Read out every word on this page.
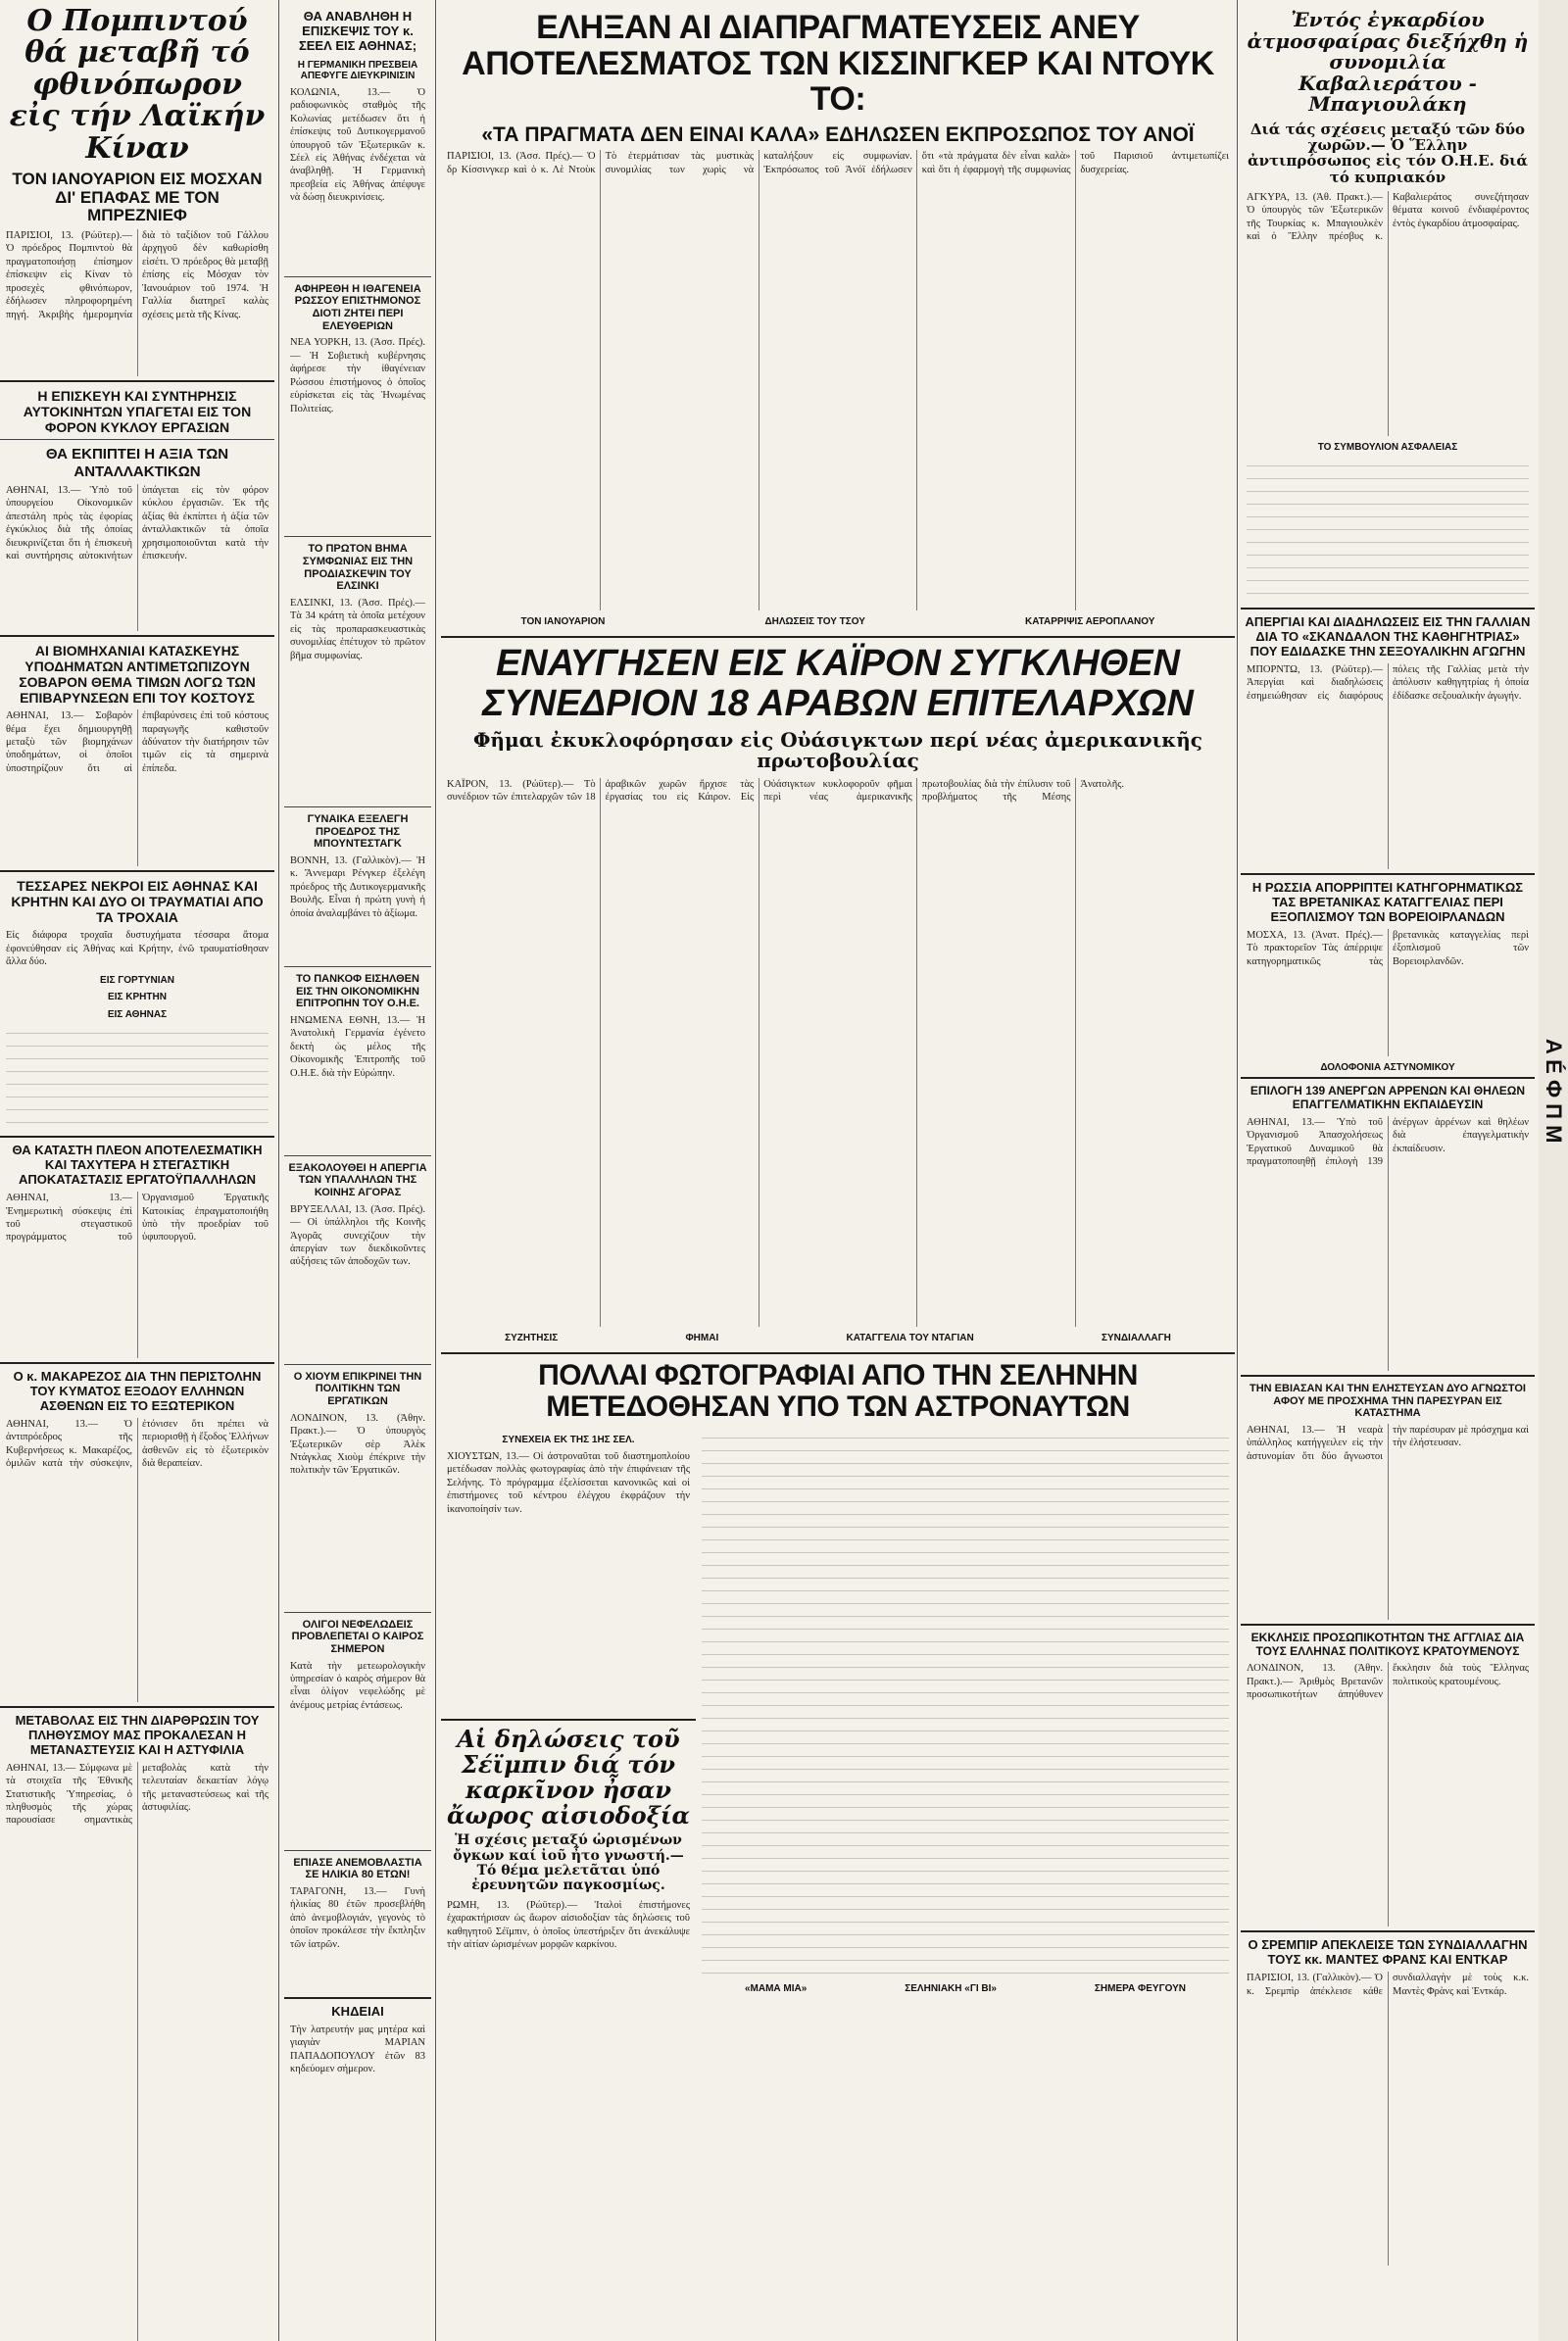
Ο Πομπιντού θά μεταβῆ τό φθινόπωρον εἰς τήν Λαϊκήν Κίναν
ΤΟΝ ΙΑΝΟΥΑΡΙΟΝ ΕΙΣ ΜΟΣΧΑΝ ΔΙ' ΕΠΑΦΑΣ ΜΕ ΤΟΝ ΜΠΡΕΖΝΙΕΦ
ΠΑΡΙΣΙΟΙ, 13. (Ρώϋτερ).— Ὁ πρόεδρος Πομπιντοὺ θὰ πραγματοποιήσῃ ἐπίσημον ἐπίσκεψιν εἰς Κίναν τὸ προσεχὲς φθινόπωρον, ἐδήλωσεν πληροφορημένη πηγή. Ἀκριβὴς ἡμερομηνία διὰ τὸ ταξίδιον τοῦ Γάλλου ἀρχηγοῦ δὲν καθωρίσθη εἰσέτι. Ὁ πρόεδρος θὰ μεταβῇ ἐπίσης εἰς Μόσχαν τὸν Ἰανουάριον τοῦ 1974. Ἡ Γαλλία διατηρεῖ καλὰς σχέσεις μετὰ τῆς Κίνας.
Η ΕΠΙΣΚΕΥΗ ΚΑΙ ΣΥΝΤΗΡΗΣΙΣ ΑΥΤΟΚΙΝΗΤΩΝ ΥΠΑΓΕΤΑΙ ΕΙΣ ΤΟΝ ΦΟΡΟΝ ΚΥΚΛΟΥ ΕΡΓΑΣΙΩΝ
ΘΑ ΕΚΠΙΠΤΕΙ Η ΑΞΙΑ ΤΩΝ ΑΝΤΑΛΛΑΚΤΙΚΩΝ
ΑΘΗΝΑΙ, 13.— Ὑπὸ τοῦ ὑπουργείου Οἰκονομικῶν ἀπεστάλη πρὸς τὰς ἐφορίας ἐγκύκλιος διὰ τῆς ὁποίας διευκρινίζεται ὅτι ἡ ἐπισκευὴ καὶ συντήρησις αὐτοκινήτων ὑπάγεται εἰς τὸν φόρον κύκλου ἐργασιῶν. Ἐκ τῆς ἀξίας θὰ ἐκπίπτει ἡ ἀξία τῶν ἀνταλλακτικῶν τὰ ὁποῖα χρησιμοποιοῦνται κατὰ τὴν ἐπισκευήν.
ΑΙ ΒΙΟΜΗΧΑΝΙΑΙ ΚΑΤΑΣΚΕΥΗΣ ΥΠΟΔΗΜΑΤΩΝ ΑΝΤΙΜΕΤΩΠΙΖΟΥΝ ΣΟΒΑΡΟΝ ΘΕΜΑ ΤΙΜΩΝ ΛΟΓΩ ΤΩΝ ΕΠΙΒΑΡΥΝΣΕΩΝ ΕΠΙ ΤΟΥ ΚΟΣΤΟΥΣ
ΑΘΗΝΑΙ, 13.— Σοβαρὸν θέμα ἔχει δημιουργηθῇ μεταξὺ τῶν βιομηχάνων ὑποδημάτων, οἱ ὁποῖοι ὑποστηρίζουν ὅτι αἱ ἐπιβαρύνσεις ἐπὶ τοῦ κόστους παραγωγῆς καθιστοῦν ἀδύνατον τὴν διατήρησιν τῶν τιμῶν εἰς τὰ σημερινὰ ἐπίπεδα.
ΤΕΣΣΑΡΕΣ ΝΕΚΡΟΙ ΕΙΣ ΑΘΗΝΑΣ ΚΑΙ ΚΡΗΤΗΝ ΚΑΙ ΔΥΟ ΟΙ ΤΡΑΥΜΑΤΙΑΙ ΑΠΟ ΤΑ ΤΡΟΧΑΙΑ
Εἰς διάφορα τροχαῖα δυστυχήματα τέσσαρα ἄτομα ἐφονεύθησαν εἰς Ἀθήνας καὶ Κρήτην, ἐνῶ τραυματίσθησαν ἄλλα δύο.
ΕΙΣ ΓΟΡΤΥΝΙΑΝ
ΕΙΣ ΚΡΗΤΗΝ
ΕΙΣ ΑΘΗΝΑΣ
ΘΑ ΚΑΤΑΣΤΗ ΠΛΕΟΝ ΑΠΟΤΕΛΕΣΜΑΤΙΚΗ ΚΑΙ ΤΑΧΥΤΕΡΑ Η ΣΤΕΓΑΣΤΙΚΗ ΑΠΟΚΑΤΑΣΤΑΣΙΣ ΕΡΓΑΤΟΫΠΑΛΛΗΛΩΝ
ΑΘΗΝΑΙ, 13.— Ἐνημερωτικὴ σύσκεψις ἐπὶ τοῦ στεγαστικοῦ προγράμματος τοῦ Ὀργανισμοῦ Ἐργατικῆς Κατοικίας ἐπραγματοποιήθη ὑπὸ τὴν προεδρίαν τοῦ ὑφυπουργοῦ.
Ο κ. ΜΑΚΑΡΕΖΟΣ ΔΙΑ ΤΗΝ ΠΕΡΙΣΤΟΛΗΝ ΤΟΥ ΚΥΜΑΤΟΣ ΕΞΟΔΟΥ ΕΛΛΗΝΩΝ ΑΣΘΕΝΩΝ ΕΙΣ ΤΟ ΕΞΩΤΕΡΙΚΟΝ
ΑΘΗΝΑΙ, 13.— Ὁ ἀντιπρόεδρος τῆς Κυβερνήσεως κ. Μακαρέζος, ὁμιλῶν κατὰ τὴν σύσκεψιν, ἐτόνισεν ὅτι πρέπει νὰ περιορισθῇ ἡ ἔξοδος Ἑλλήνων ἀσθενῶν εἰς τὸ ἐξωτερικὸν διὰ θεραπείαν.
ΜΕΤΑΒΟΛΑΣ ΕΙΣ ΤΗΝ ΔΙΑΡΘΡΩΣΙΝ ΤΟΥ ΠΛΗΘΥΣΜΟΥ ΜΑΣ ΠΡΟΚΑΛΕΣΑΝ Η ΜΕΤΑΝΑΣΤΕΥΣΙΣ ΚΑΙ Η ΑΣΤΥΦΙΛΙΑ
ΑΘΗΝΑΙ, 13.— Σύμφωνα μὲ τὰ στοιχεῖα τῆς Ἐθνικῆς Στατιστικῆς Ὑπηρεσίας, ὁ πληθυσμὸς τῆς χώρας παρουσίασε σημαντικὰς μεταβολὰς κατὰ τὴν τελευταίαν δεκαετίαν λόγῳ τῆς μεταναστεύσεως καὶ τῆς ἀστυφιλίας.
ΘΑ ΑΝΑΒΛΗΘΗ Η ΕΠΙΣΚΕΨΙΣ ΤΟΥ κ. ΣΕΕΛ ΕΙΣ ΑΘΗΝΑΣ;
Η ΓΕΡΜΑΝΙΚΗ ΠΡΕΣΒΕΙΑ ΑΠΕΦΥΓΕ ΔΙΕΥΚΡΙΝΙΣΙΝ
ΚΟΛΩΝΙΑ, 13.— Ὁ ραδιοφωνικὸς σταθμὸς τῆς Κολωνίας μετέδωσεν ὅτι ἡ ἐπίσκεψις τοῦ Δυτικογερμανοῦ ὑπουργοῦ τῶν Ἐξωτερικῶν κ. Σέελ εἰς Ἀθήνας ἐνδέχεται νὰ ἀναβληθῇ. Ἡ Γερμανικὴ πρεσβεία εἰς Ἀθήνας ἀπέφυγε νὰ δώσῃ διευκρινίσεις.
ΑΦΗΡΕΘΗ Η ΙΘΑΓΕΝΕΙΑ ΡΩΣΣΟΥ ΕΠΙΣΤΗΜΟΝΟΣ ΔΙΟΤΙ ΖΗΤΕΙ ΠΕΡΙ ΕΛΕΥΘΕΡΙΩΝ
ΝΕΑ ΥΟΡΚΗ, 13. (Ἀσσ. Πρές).— Ἡ Σοβιετικὴ κυβέρνησις ἀφήρεσε τὴν ἰθαγένειαν Ρώσσου ἐπιστήμονος ὁ ὁποῖος εὑρίσκεται εἰς τὰς Ἡνωμένας Πολιτείας.
ΤΟ ΠΡΩΤΟΝ ΒΗΜΑ ΣΥΜΦΩΝΙΑΣ ΕΙΣ ΤΗΝ ΠΡΟΔΙΑΣΚΕΨΙΝ ΤΟΥ ΕΛΣΙΝΚΙ
ΕΛΣΙΝΚΙ, 13. (Ἀσσ. Πρές).— Τὰ 34 κράτη τὰ ὁποῖα μετέχουν εἰς τὰς προπαρασκευαστικὰς συνομιλίας ἐπέτυχον τὸ πρῶτον βῆμα συμφωνίας.
ΓΥΝΑΙΚΑ ΕΞΕΛΕΓΗ ΠΡΟΕΔΡΟΣ ΤΗΣ ΜΠΟΥΝΤΕΣΤΑΓΚ
ΒΟΝΝΗ, 13. (Γαλλικὸν).— Ἡ κ. Ἄννεμαρι Ρένγκερ ἐξελέγη πρόεδρος τῆς Δυτικογερμανικῆς Βουλῆς. Εἶναι ἡ πρώτη γυνὴ ἡ ὁποία ἀναλαμβάνει τὸ ἀξίωμα.
ΤΟ ΠΑΝΚΟΦ ΕΙΣΗΛΘΕΝ ΕΙΣ ΤΗΝ ΟΙΚΟΝΟΜΙΚΗΝ ΕΠΙΤΡΟΠΗΝ ΤΟΥ Ο.Η.Ε.
ΗΝΩΜΕΝΑ ΕΘΝΗ, 13.— Ἡ Ἀνατολικὴ Γερμανία ἐγένετο δεκτὴ ὡς μέλος τῆς Οἰκονομικῆς Ἐπιτροπῆς τοῦ Ο.Η.Ε. διὰ τὴν Εὐρώπην.
ΕΞΑΚΟΛΟΥΘΕΙ Η ΑΠΕΡΓΙΑ ΤΩΝ ΥΠΑΛΛΗΛΩΝ ΤΗΣ ΚΟΙΝΗΣ ΑΓΟΡΑΣ
ΒΡΥΞΕΛΛΑΙ, 13. (Ἀσσ. Πρές).— Οἱ ὑπάλληλοι τῆς Κοινῆς Ἀγορᾶς συνεχίζουν τὴν ἀπεργίαν των διεκδικοῦντες αὐξήσεις τῶν ἀποδοχῶν των.
Ο ΧΙΟΥΜ ΕΠΙΚΡΙΝΕΙ ΤΗΝ ΠΟΛΙΤΙΚΗΝ ΤΩΝ ΕΡΓΑΤΙΚΩΝ
ΛΟΝΔΙΝΟΝ, 13. (Ἀθην. Πρακτ.).— Ὁ ὑπουργὸς Ἐξωτερικῶν σὲρ Ἀλὲκ Ντάγκλας Χιοὺμ ἐπέκρινε τὴν πολιτικὴν τῶν Ἐργατικῶν.
ΟΛΙΓΟΙ ΝΕΦΕΛΩΔΕΙΣ ΠΡΟΒΛΕΠΕΤΑΙ Ο ΚΑΙΡΟΣ ΣΗΜΕΡΟΝ
Κατὰ τὴν μετεωρολογικὴν ὑπηρεσίαν ὁ καιρὸς σήμερον θὰ εἶναι ὀλίγον νεφελώδης μὲ ἀνέμους μετρίας ἐντάσεως.
ΕΠΙΑΣΕ ΑΝΕΜΟΒΛΑΣΤΙΑ ΣΕ ΗΛΙΚΙΑ 80 ΕΤΩΝ!
ΤΑΡΑΓΟΝΗ, 13.— Γυνὴ ἡλικίας 80 ἐτῶν προσεβλήθη ἀπὸ ἀνεμοβλογιάν, γεγονὸς τὸ ὁποῖον προκάλεσε τὴν ἔκπληξιν τῶν ἰατρῶν.
ΚΗΔΕΙΑΙ
Τὴν λατρευτήν μας μητέρα καὶ γιαγιὰν ΜΑΡΙΑΝ ΠΑΠΑΔΟΠΟΥΛΟΥ ἐτῶν 83 κηδεύομεν σήμερον.
ΕΛΗΞΑΝ ΑΙ ΔΙΑΠΡΑΓΜΑΤΕΥΣΕΙΣ ΑΝΕΥ ΑΠΟΤΕΛΕΣΜΑΤΟΣ ΤΩΝ ΚΙΣΣΙΝΓΚΕΡ ΚΑΙ ΝΤΟΥΚ ΤΟ:
«ΤΑ ΠΡΑΓΜΑΤΑ ΔΕΝ ΕΙΝΑΙ ΚΑΛΑ» ΕΔΗΛΩΣΕΝ ΕΚΠΡΟΣΩΠΟΣ ΤΟΥ ΑΝΟΪ
ΠΑΡΙΣΙΟΙ, 13. (Ἀσσ. Πρές).— Ὁ δρ Κίσσινγκερ καὶ ὁ κ. Λὲ Ντοὺκ Τὸ ἐτερμάτισαν τὰς μυστικὰς συνομιλίας των χωρὶς νὰ καταλήξουν εἰς συμφωνίαν. Ἐκπρόσωπος τοῦ Ἀνόϊ ἐδήλωσεν ὅτι «τὰ πράγματα δὲν εἶναι καλὰ» καὶ ὅτι ἡ ἐφαρμογὴ τῆς συμφωνίας τοῦ Παρισιοῦ ἀντιμετωπίζει δυσχερείας.
ΤΟΝ ΙΑΝΟΥΑΡΙΟΝ	ΔΗΛΩΣΕΙΣ ΤΟΥ ΤΣΟΥ	ΚΑΤΑΡΡΙΨΙΣ ΑΕΡΟΠΛΑΝΟΥ
ΕΝΑΥΓΗΣΕΝ ΕΙΣ ΚΑΪΡΟΝ ΣΥΓΚΛΗΘΕΝ ΣΥΝΕΔΡΙΟΝ 18 ΑΡΑΒΩΝ ΕΠΙΤΕΛΑΡΧΩΝ
Φῆμαι ἐκυκλοφόρησαν εἰς Οὐάσιγκτων περί νέας ἀμερικανικῆς πρωτοβουλίας
ΚΑΪΡΟΝ, 13. (Ρώϋτερ).— Τὸ συνέδριον τῶν ἐπιτελαρχῶν τῶν 18 ἀραβικῶν χωρῶν ἤρχισε τὰς ἐργασίας του εἰς Κάιρον. Εἰς Οὐάσιγκτων κυκλοφοροῦν φῆμαι περὶ νέας ἀμερικανικῆς πρωτοβουλίας διὰ τὴν ἐπίλυσιν τοῦ προβλήματος τῆς Μέσης Ἀνατολῆς.
ΣΥΖΗΤΗΣΙΣ	ΦΗΜΑΙ	ΚΑΤΑΓΓΕΛΙΑ ΤΟΥ ΝΤΑΓΙΑΝ	ΣΥΝΔΙΑΛΛΑΓΗ
ΠΟΛΛΑΙ ΦΩΤΟΓΡΑΦΙΑΙ ΑΠΟ ΤΗΝ ΣΕΛΗΝΗΝ ΜΕΤΕΔΟΘΗΣΑΝ ΥΠΟ ΤΩΝ ΑΣΤΡΟΝΑΥΤΩΝ
ΣΥΝΕΧΕΙΑ ΕΚ ΤΗΣ 1ΗΣ ΣΕΛ.
ΧΙΟΥΣΤΩΝ, 13.— Οἱ ἀστροναῦται τοῦ διαστημοπλοίου μετέδωσαν πολλὰς φωτογραφίας ἀπὸ τὴν ἐπιφάνειαν τῆς Σελήνης. Τὸ πρόγραμμα ἐξελίσσεται κανονικῶς καὶ οἱ ἐπιστήμονες τοῦ κέντρου ἐλέγχου ἐκφράζουν τὴν ἱκανοποίησίν των.
Αἱ δηλώσεις τοῦ Σέϊμπιν διά τόν καρκῖνον ἦσαν ἄωρος αἰσιοδοξία
Ἡ σχέσις μεταξύ ὡρισμένων ὄγκων καί ἰοῦ ἦτο γνωστή.— Τό θέμα μελετᾶται ὑπό ἐρευνητῶν παγκοσμίως.
ΡΩΜΗ, 13. (Ρώϋτερ).— Ἰταλοὶ ἐπιστήμονες ἐχαρακτήρισαν ὡς ἄωρον αἰσιοδοξίαν τὰς δηλώσεις τοῦ καθηγητοῦ Σέϊμπιν, ὁ ὁποῖος ὑπεστήριξεν ὅτι ἀνεκάλυψε τὴν αἰτίαν ὡρισμένων μορφῶν καρκίνου.
«ΜΑΜΑ ΜΙΑ»	ΣΕΛΗΝΙΑΚΗ «ΓΙ ΒΙ»	ΣΗΜΕΡΑ ΦΕΥΓΟΥΝ
Ἐντός ἐγκαρδίου ἀτμοσφαίρας διεξήχθη ἡ συνομιλία Καβαλιεράτου - Μπαγιουλάκη
Διά τάς σχέσεις μεταξύ τῶν δύο χωρῶν.— Ὁ Ἕλλην ἀντιπρόσωπος εἰς τόν Ο.Η.Ε. διά τό κυπριακόν
ΑΓΚΥΡΑ, 13. (Ἀθ. Πρακτ.).— Ὁ ὑπουργὸς τῶν Ἐξωτερικῶν τῆς Τουρκίας κ. Μπαγιουλκὲν καὶ ὁ Ἕλλην πρέσβυς κ. Καβαλιεράτος συνεζήτησαν θέματα κοινοῦ ἐνδιαφέροντος ἐντὸς ἐγκαρδίου ἀτμοσφαίρας.
ΤΟ ΣΥΜΒΟΥΛΙΟΝ ΑΣΦΑΛΕΙΑΣ
ΑΠΕΡΓΙΑΙ ΚΑΙ ΔΙΑΔΗΛΩΣΕΙΣ ΕΙΣ ΤΗΝ ΓΑΛΛΙΑΝ ΔΙΑ ΤΟ «ΣΚΑΝΔΑΛΟΝ ΤΗΣ ΚΑΘΗΓΗΤΡΙΑΣ» ΠΟΥ ΕΔΙΔΑΣΚΕ ΤΗΝ ΣΕΞΟΥΑΛΙΚΗΝ ΑΓΩΓΗΝ
ΜΠΟΡΝΤΩ, 13. (Ρώϋτερ).— Ἀπεργίαι καὶ διαδηλώσεις ἐσημειώθησαν εἰς διαφόρους πόλεις τῆς Γαλλίας μετὰ τὴν ἀπόλυσιν καθηγητρίας ἡ ὁποία ἐδίδασκε σεξουαλικὴν ἀγωγήν.
Η ΡΩΣΣΙΑ ΑΠΟΡΡΙΠΤΕΙ ΚΑΤΗΓΟΡΗΜΑΤΙΚΩΣ ΤΑΣ ΒΡΕΤΑΝΙΚΑΣ ΚΑΤΑΓΓΕΛΙΑΣ ΠΕΡΙ ΕΞΟΠΛΙΣΜΟΥ ΤΩΝ ΒΟΡΕΙΟΙΡΛΑΝΔΩΝ
ΜΟΣΧΑ, 13. (Ἀνατ. Πρές).— Τὸ πρακτορεῖον Τὰς ἀπέρριψε κατηγορηματικῶς τὰς βρετανικὰς καταγγελίας περὶ ἐξοπλισμοῦ τῶν Βορειοιρλανδῶν.
ΔΟΛΟΦΟΝΙΑ ΑΣΤΥΝΟΜΙΚΟΥ
ΕΠΙΛΟΓΗ 139 ΑΝΕΡΓΩΝ ΑΡΡΕΝΩΝ ΚΑΙ ΘΗΛΕΩΝ ΕΠΑΓΓΕΛΜΑΤΙΚΗΝ ΕΚΠΑΙΔΕΥΣΙΝ
ΑΘΗΝΑΙ, 13.— Ὑπὸ τοῦ Ὀργανισμοῦ Ἀπασχολήσεως Ἐργατικοῦ Δυναμικοῦ θὰ πραγματοποιηθῇ ἐπιλογὴ 139 ἀνέργων ἀρρένων καὶ θηλέων διὰ ἐπαγγελματικὴν ἐκπαίδευσιν.
ΤΗΝ ΕΒΙΑΣΑΝ ΚΑΙ ΤΗΝ ΕΛΗΣΤΕΥΣΑΝ ΔΥΟ ΑΓΝΩΣΤΟΙ ΑΦΟΥ ΜΕ ΠΡΟΣΧΗΜΑ ΤΗΝ ΠΑΡΕΣΥΡΑΝ ΕΙΣ ΚΑΤΑΣΤΗΜΑ
ΑΘΗΝΑΙ, 13.— Ἡ νεαρὰ ὑπάλληλος κατήγγειλεν εἰς τὴν ἀστυνομίαν ὅτι δύο ἄγνωστοι τὴν παρέσυραν μὲ πρόσχημα καὶ τὴν ἐλήστευσαν.
ΕΚΚΛΗΣΙΣ ΠΡΟΣΩΠΙΚΟΤΗΤΩΝ ΤΗΣ ΑΓΓΛΙΑΣ ΔΙΑ ΤΟΥΣ ΕΛΛΗΝΑΣ ΠΟΛΙΤΙΚΟΥΣ ΚΡΑΤΟΥΜΕΝΟΥΣ
ΛΟΝΔΙΝΟΝ, 13. (Ἀθην. Πρακτ.).— Ἀριθμὸς Βρετανῶν προσωπικοτήτων ἀπηύθυνεν ἔκκλησιν διὰ τοὺς Ἕλληνας πολιτικοὺς κρατουμένους.
Ο ΣΡΕΜΠΙΡ ΑΠΕΚΛΕΙΣΕ ΤΩΝ ΣΥΝΔΙΑΛΛΑΓΗΝ ΤΟΥΣ κκ. ΜΑΝΤΕΣ ΦΡΑΝΣ ΚΑΙ ΕΝΤΚΑΡ
ΠΑΡΙΣΙΟΙ, 13. (Γαλλικὸν).— Ὁ κ. Σρεμπὶρ ἀπέκλεισε κάθε συνδιαλλαγὴν μὲ τοὺς κ.κ. Μαντὲς Φρὰνς καὶ Ἐντκάρ.
A É Φ Π M
